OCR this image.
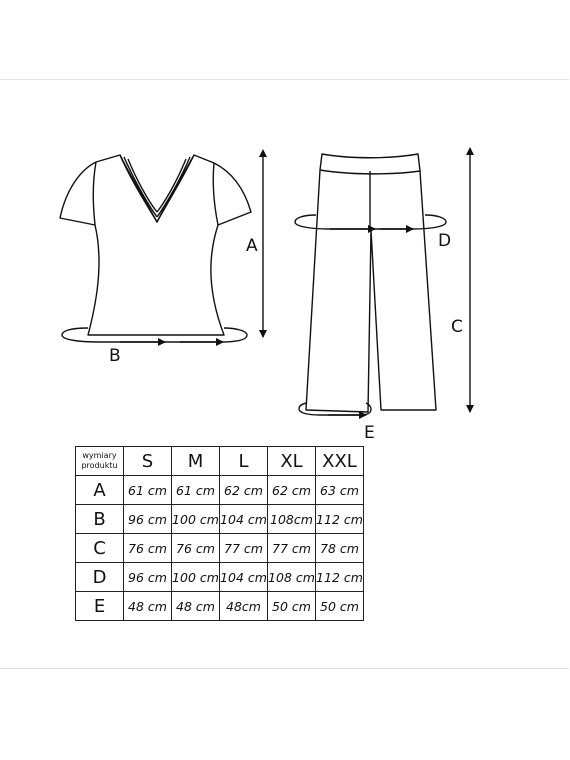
A
B
C
D
E
wymiary
produktu	S	M	L	XL	XXL
A	61 cm	61 cm	62 cm	62 cm	63 cm
B	96 cm	100 cm	104 cm	108cm	112 cm
C	76 cm	76 cm	77 cm	77 cm	78 cm
D	96 cm	100 cm	104 cm	108 cm	112 cm
E	48 cm	48 cm	48cm	50 cm	50 cm
